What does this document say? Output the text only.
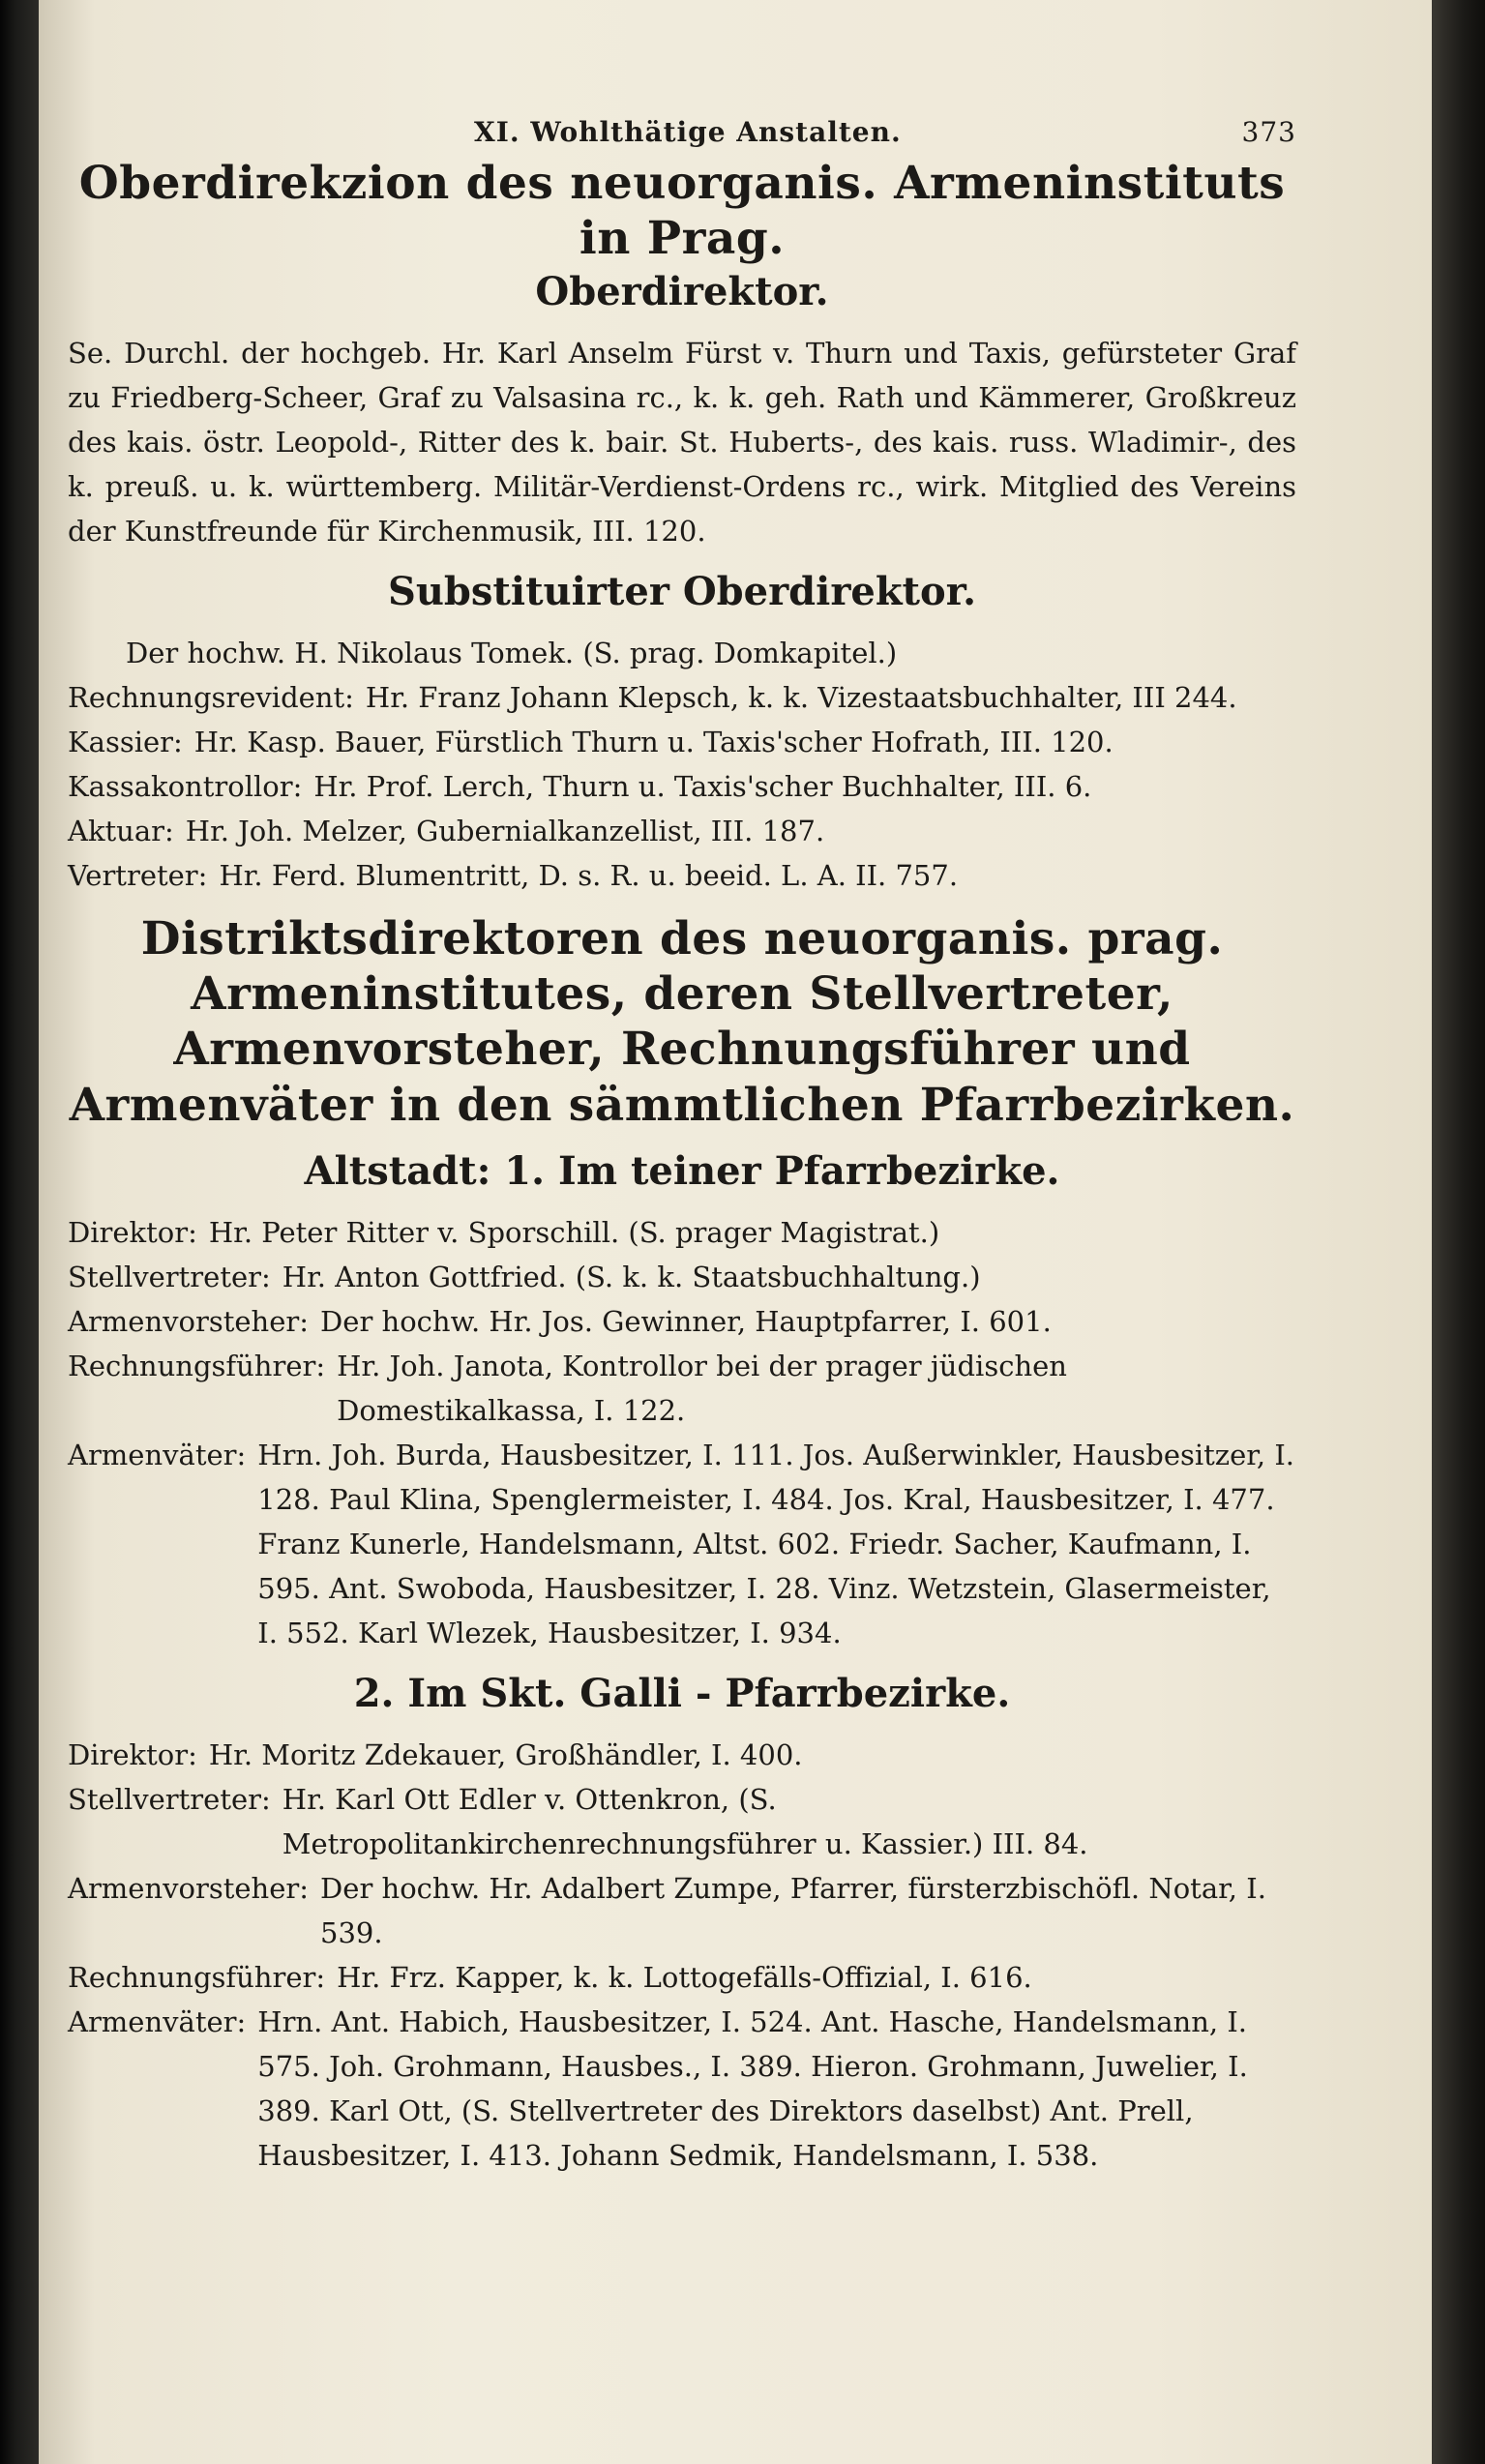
XI. Wohlthätige Anstalten.	373
Oberdirekzion des neuorganis. Armeninstituts in Prag.
Oberdirektor.

Se. Durchl. der hochgeb. Hr. Karl Anselm Fürst v. Thurn und Taxis, gefürsteter Graf zu Friedberg-Scheer, Graf zu Valsasina rc., k. k. geh. Rath und Kämmerer, Großkreuz des kais. östr. Leopold-, Ritter des k. bair. St. Huberts-, des kais. russ. Wladimir-, des k. preuß. u. k. württemberg. Militär-Verdienst-Ordens rc., wirk. Mitglied des Vereins der Kunstfreunde für Kirchenmusik, III. 120.

Substituirter Oberdirektor.

Der hochw. H. Nikolaus Tomek. (S. prag. Domkapitel.)

Rechnungsrevident: Hr. Franz Johann Klepsch, k. k. Vizestaatsbuchhalter, III 244.
Kassier: Hr. Kasp. Bauer, Fürstlich Thurn u. Taxis'scher Hofrath, III. 120.
Kassakontrollor: Hr. Prof. Lerch, Thurn u. Taxis'scher Buchhalter, III. 6.
Aktuar: Hr. Joh. Melzer, Gubernialkanzellist, III. 187.
Vertreter: Hr. Ferd. Blumentritt, D. s. R. u. beeid. L. A. II. 757.
Distriktsdirektoren des neuorganis. prag. Armeninstitutes, deren Stellvertreter, Armenvorsteher, Rechnungsführer und Armenväter in den sämmtlichen Pfarrbezirken.
Altstadt: 1. Im teiner Pfarrbezirke.
Direktor: Hr. Peter Ritter v. Sporschill. (S. prager Magistrat.)
Stellvertreter: Hr. Anton Gottfried. (S. k. k. Staatsbuchhaltung.)
Armenvorsteher: Der hochw. Hr. Jos. Gewinner, Hauptpfarrer, I. 601.
Rechnungsführer: Hr. Joh. Janota, Kontrollor bei der prager jüdischen Domestikalkassa, I. 122.
Armenväter: Hrn. Joh. Burda, Hausbesitzer, I. 111. Jos. Außerwinkler, Hausbesitzer, I. 128. Paul Klina, Spenglermeister, I. 484. Jos. Kral, Hausbesitzer, I. 477. Franz Kunerle, Handelsmann, Altst. 602. Friedr. Sacher, Kaufmann, I. 595. Ant. Swoboda, Hausbesitzer, I. 28. Vinz. Wetzstein, Glasermeister, I. 552. Karl Wlezek, Hausbesitzer, I. 934.
2. Im Skt. Galli - Pfarrbezirke.
Direktor: Hr. Moritz Zdekauer, Großhändler, I. 400.
Stellvertreter: Hr. Karl Ott Edler v. Ottenkron, (S. Metropolitankirchenrechnungsführer u. Kassier.) III. 84.
Armenvorsteher: Der hochw. Hr. Adalbert Zumpe, Pfarrer, fürsterzbischöfl. Notar, I. 539.
Rechnungsführer: Hr. Frz. Kapper, k. k. Lottogefälls-Offizial, I. 616.
Armenväter: Hrn. Ant. Habich, Hausbesitzer, I. 524. Ant. Hasche, Handelsmann, I. 575. Joh. Grohmann, Hausbes., I. 389. Hieron. Grohmann, Juwelier, I. 389. Karl Ott, (S. Stellvertreter des Direktors daselbst) Ant. Prell, Hausbesitzer, I. 413. Johann Sedmik, Handelsmann, I. 538.
